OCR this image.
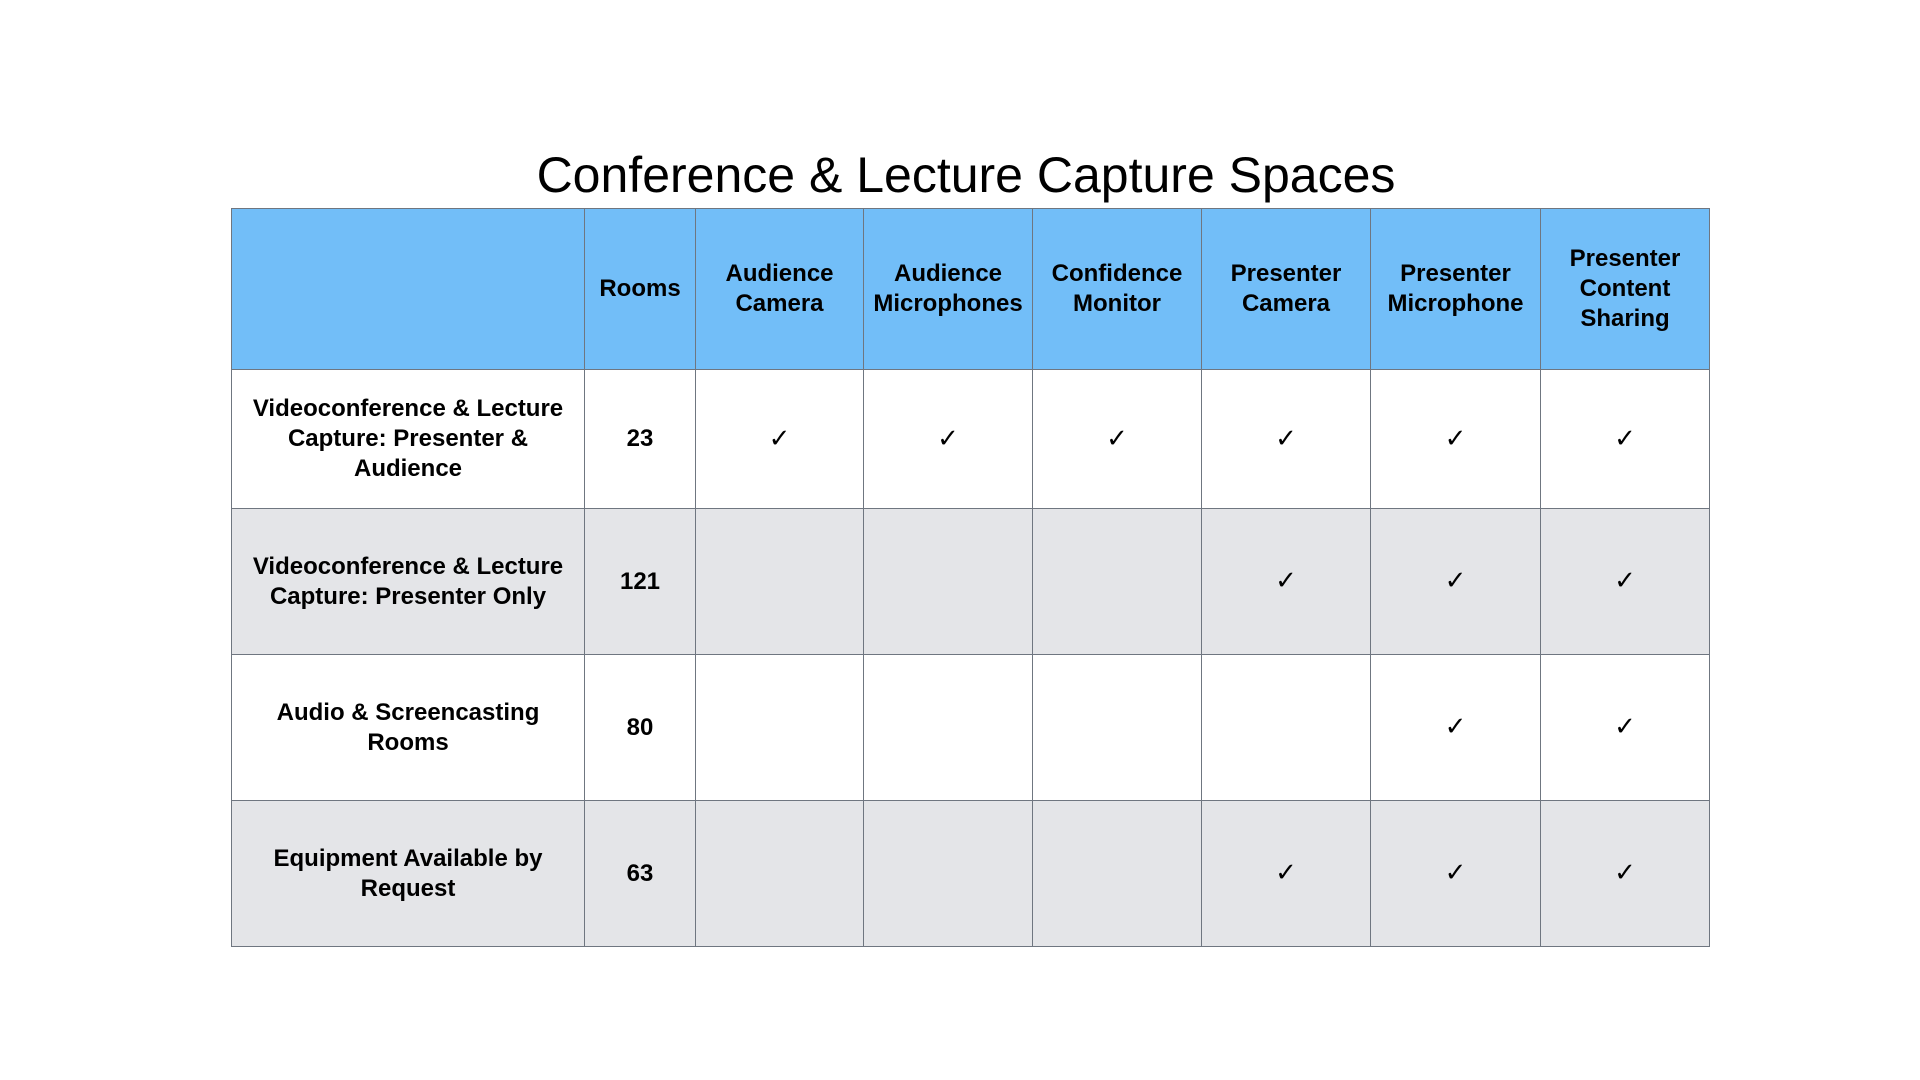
Conference & Lecture Capture Spaces
	Rooms	Audience Camera	Audience Microphones	Confidence Monitor	Presenter Camera	Presenter Microphone	Presenter Content Sharing
Videoconference & Lecture Capture: Presenter & Audience	23	✓	✓	✓	✓	✓	✓
Videoconference & Lecture Capture: Presenter Only	121				✓	✓	✓
Audio & Screencasting Rooms	80					✓	✓
Equipment Available by Request	63				✓	✓	✓
